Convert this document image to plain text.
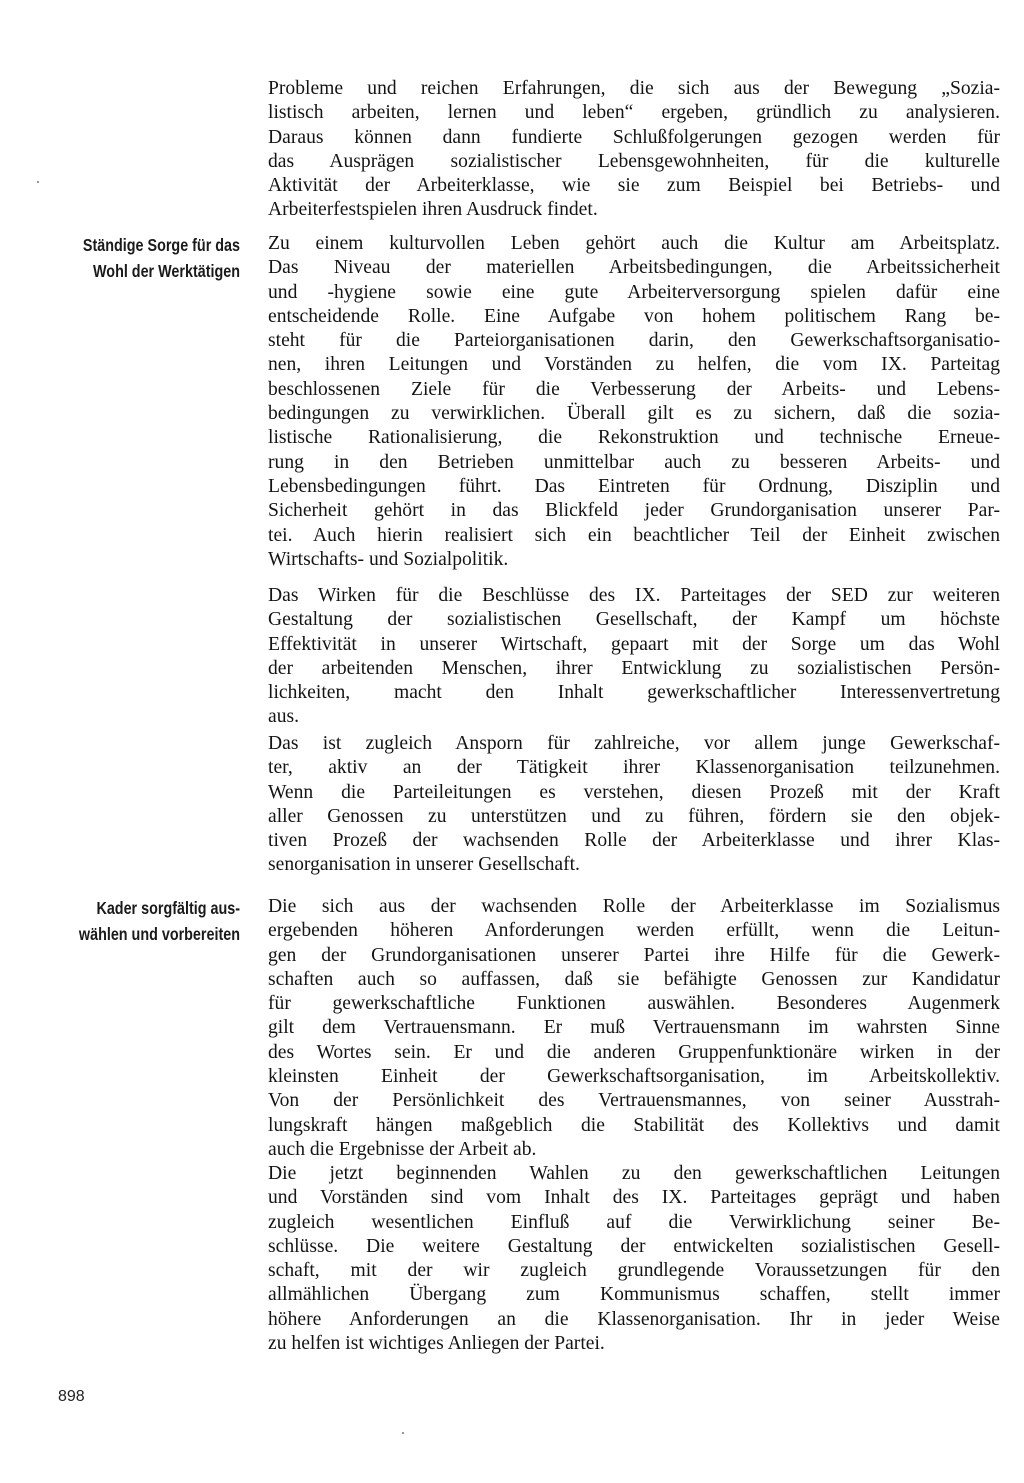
Probleme und reichen Erfahrungen, die sich aus der Bewegung „Sozia-
listisch arbeiten, lernen und leben“ ergeben, gründlich zu analysieren.
Daraus können dann fundierte Schlußfolgerungen gezogen werden für
das Ausprägen sozialistischer Lebensgewohnheiten, für die kulturelle
Aktivität der Arbeiterklasse, wie sie zum Beispiel bei Betriebs- und
Arbeiterfestspielen ihren Ausdruck findet.
Zu einem kulturvollen Leben gehört auch die Kultur am Arbeitsplatz.
Das Niveau der materiellen Arbeitsbedingungen, die Arbeitssicherheit
und -hygiene sowie eine gute Arbeiterversorgung spielen dafür eine
entscheidende Rolle. Eine Aufgabe von hohem politischem Rang be-
steht für die Parteiorganisationen darin, den Gewerkschaftsorganisatio-
nen, ihren Leitungen und Vorständen zu helfen, die vom IX. Parteitag
beschlossenen Ziele für die Verbesserung der Arbeits- und Lebens-
bedingungen zu verwirklichen. Überall gilt es zu sichern, daß die sozia-
listische Rationalisierung, die Rekonstruktion und technische Erneue-
rung in den Betrieben unmittelbar auch zu besseren Arbeits- und
Lebensbedingungen führt. Das Eintreten für Ordnung, Disziplin und
Sicherheit gehört in das Blickfeld jeder Grundorganisation unserer Par-
tei. Auch hierin realisiert sich ein beachtlicher Teil der Einheit zwischen
Wirtschafts- und Sozialpolitik.
Das Wirken für die Beschlüsse des IX. Parteitages der SED zur weiteren
Gestaltung der sozialistischen Gesellschaft, der Kampf um höchste
Effektivität in unserer Wirtschaft, gepaart mit der Sorge um das Wohl
der arbeitenden Menschen, ihrer Entwicklung zu sozialistischen Persön-
lichkeiten, macht den Inhalt gewerkschaftlicher Interessenvertretung
aus.
Das ist zugleich Ansporn für zahlreiche, vor allem junge Gewerkschaf-
ter, aktiv an der Tätigkeit ihrer Klassenorganisation teilzunehmen.
Wenn die Parteileitungen es verstehen, diesen Prozeß mit der Kraft
aller Genossen zu unterstützen und zu führen, fördern sie den objek-
tiven Prozeß der wachsenden Rolle der Arbeiterklasse und ihrer Klas-
senorganisation in unserer Gesellschaft.
Die sich aus der wachsenden Rolle der Arbeiterklasse im Sozialismus
ergebenden höheren Anforderungen werden erfüllt, wenn die Leitun-
gen der Grundorganisationen unserer Partei ihre Hilfe für die Gewerk-
schaften auch so auffassen, daß sie befähigte Genossen zur Kandidatur
für gewerkschaftliche Funktionen auswählen. Besonderes Augenmerk
gilt dem Vertrauensmann. Er muß Vertrauensmann im wahrsten Sinne
des Wortes sein. Er und die anderen Gruppenfunktionäre wirken in der
kleinsten Einheit der Gewerkschaftsorganisation, im Arbeitskollektiv.
Von der Persönlichkeit des Vertrauensmannes, von seiner Ausstrah-
lungskraft hängen maßgeblich die Stabilität des Kollektivs und damit
auch die Ergebnisse der Arbeit ab.
Die jetzt beginnenden Wahlen zu den gewerkschaftlichen Leitungen
und Vorständen sind vom Inhalt des IX. Parteitages geprägt und haben
zugleich wesentlichen Einfluß auf die Verwirklichung seiner Be-
schlüsse. Die weitere Gestaltung der entwickelten sozialistischen Gesell-
schaft, mit der wir zugleich grundlegende Voraussetzungen für den
allmählichen Übergang zum Kommunismus schaffen, stellt immer
höhere Anforderungen an die Klassenorganisation. Ihr in jeder Weise
zu helfen ist wichtiges Anliegen der Partei.
Ständige Sorge für das
Wohl der Werktätigen
Kader sorgfältig aus-
wählen und vorbereiten
898
